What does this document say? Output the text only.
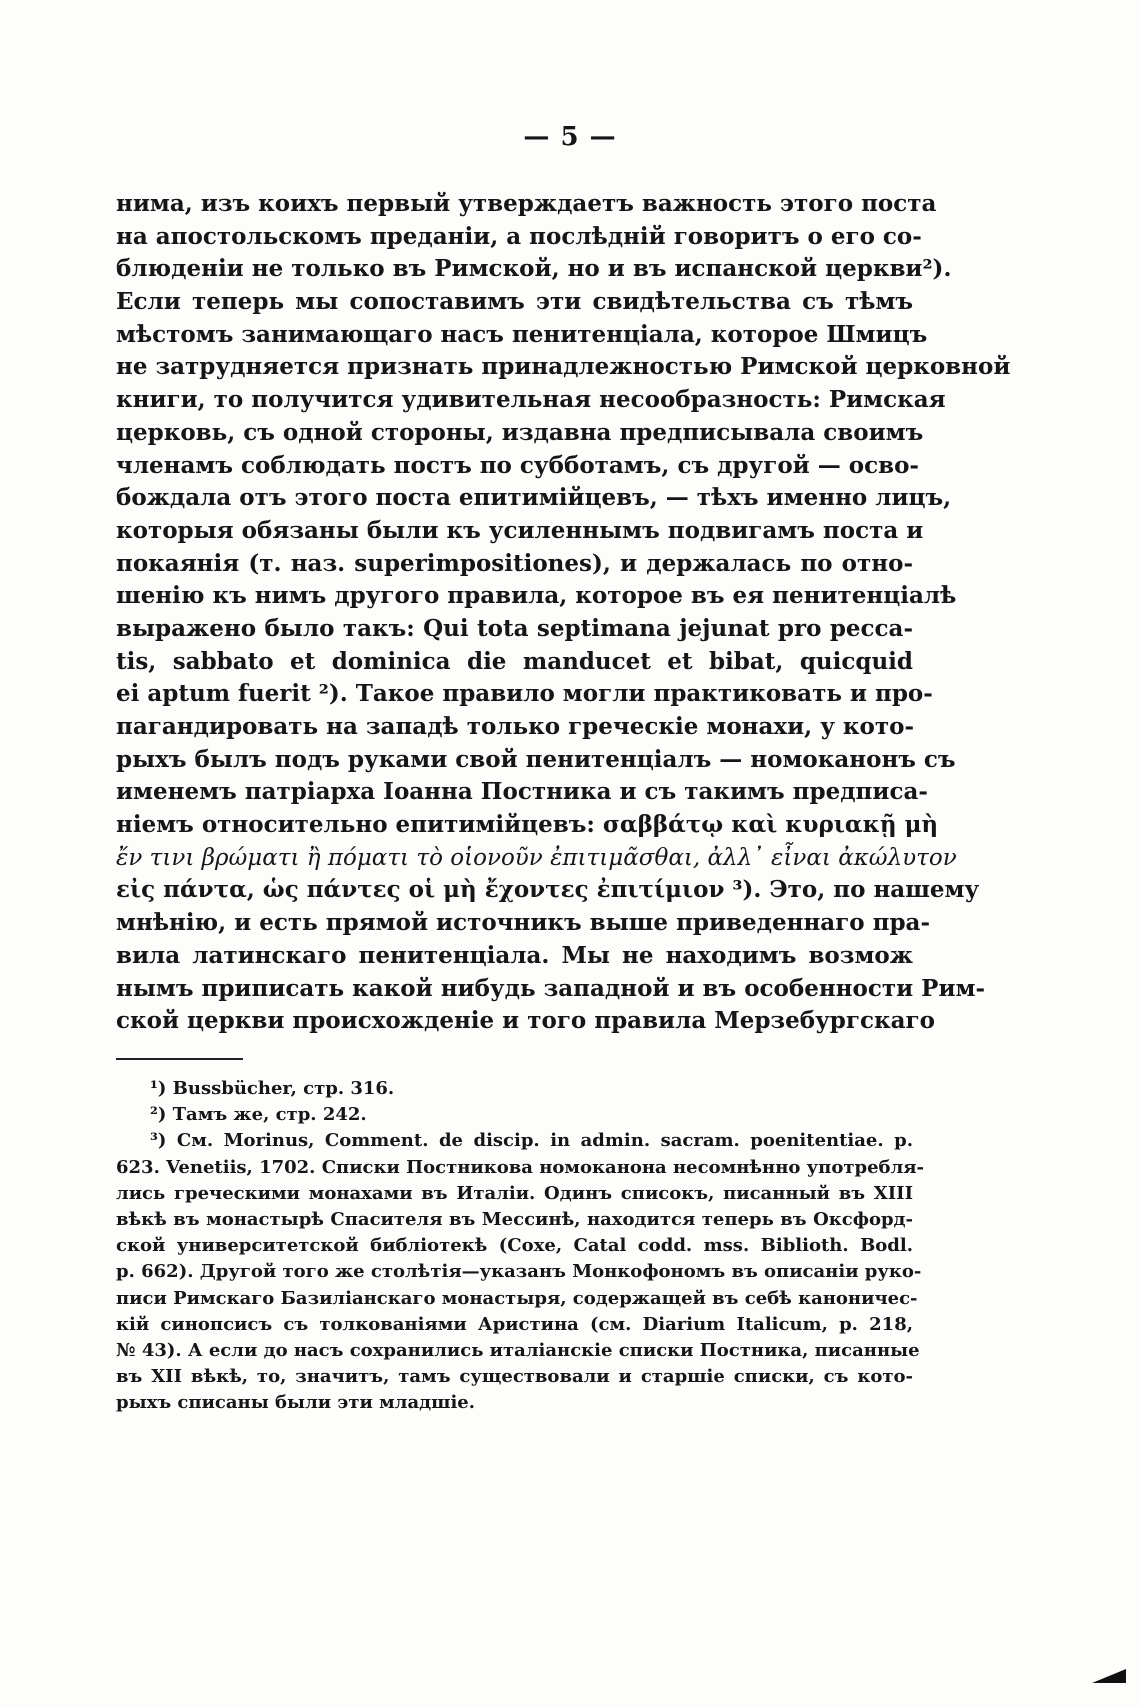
— 5 —
нима, изъ коихъ первый утверждаетъ важность этого поста
на апостольскомъ преданіи, а послѣдній говоритъ о его со-
блюденіи не только въ Римской, но и въ испанской церкви²).
Если теперь мы сопоставимъ эти свидѣтельства съ тѣмъ
мѣстомъ занимающаго насъ пенитенціала, которое Шмицъ
не затрудняется признать принадлежностью Римской церковной
книги, то получится удивительная несообразность: Римская
церковь, съ одной стороны, издавна предписывала своимъ
членамъ соблюдать постъ по субботамъ, съ другой — осво-
бождала отъ этого поста епитимійцевъ, — тѣхъ именно лицъ,
которыя обязаны были къ усиленнымъ подвигамъ поста и
покаянія (т. наз. superimpositiones), и держалась по отно-
шенію къ нимъ другого правила, которое въ ея пенитенціалѣ
выражено было такъ: Qui tota septimana jejunat pro pecca-
tis, sabbato et dominica die manducet et bibat, quicquid
ei aptum fuerit ²). Такое правило могли практиковать и про-
пагандировать на западѣ только греческіе монахи, у кото-
рыхъ былъ подъ руками свой пенитенціалъ — номоканонъ съ
именемъ патріарха Іоанна Постника и съ такимъ предписа-
ніемъ относительно епитимійцевъ: σαββάτῳ καὶ κυριακῇ μὴ
ἔν τινι βρώματι ἢ πόματι τὸ οἱονοῦν ἐπιτιμᾶσθαι, ἀλλ᾽ εἶναι ἀκώλυτον
εἰς πάντα, ὡς πάντες οἱ μὴ ἔχοντες ἐπιτίμιον ³). Это, по нашему
мнѣнію, и есть прямой источникъ выше приведеннаго пра-
вила латинскаго пенитенціала. Мы не находимъ возмож
нымъ приписать какой нибудь западной и въ особенности Рим-
ской церкви происхожденіе и того правила Мерзебургскаго
¹) Bussbücher, стр. 316.
²) Тамъ же, стр. 242.
³) См. Morinus, Comment. de discip. in admin. sacram. poenitentiae. p.
623. Venetiis, 1702. Списки Постникова номоканона несомнѣнно употребля-
лись греческими монахами въ Италіи. Одинъ списокъ, писанный въ XIII
вѣкѣ въ монастырѣ Спасителя въ Мессинѣ, находится теперь въ Оксфорд-
ской университетской библіотекѣ (Coxe, Catal codd. mss. Biblioth. Bodl.
p. 662). Другой того же столѣтія—указанъ Монкофономъ въ описаніи руко-
писи Римскаго Базиліанскаго монастыря, содержащей въ себѣ каноничес-
кій синопсисъ съ толкованіями Аристина (см. Diarium Italicum, p. 218,
№ 43). А если до насъ сохранились италіанскіе списки Постника, писанные
въ XII вѣкѣ, то, значитъ, тамъ существовали и старшіе списки, съ кото-
рыхъ списаны были эти младшіе.
